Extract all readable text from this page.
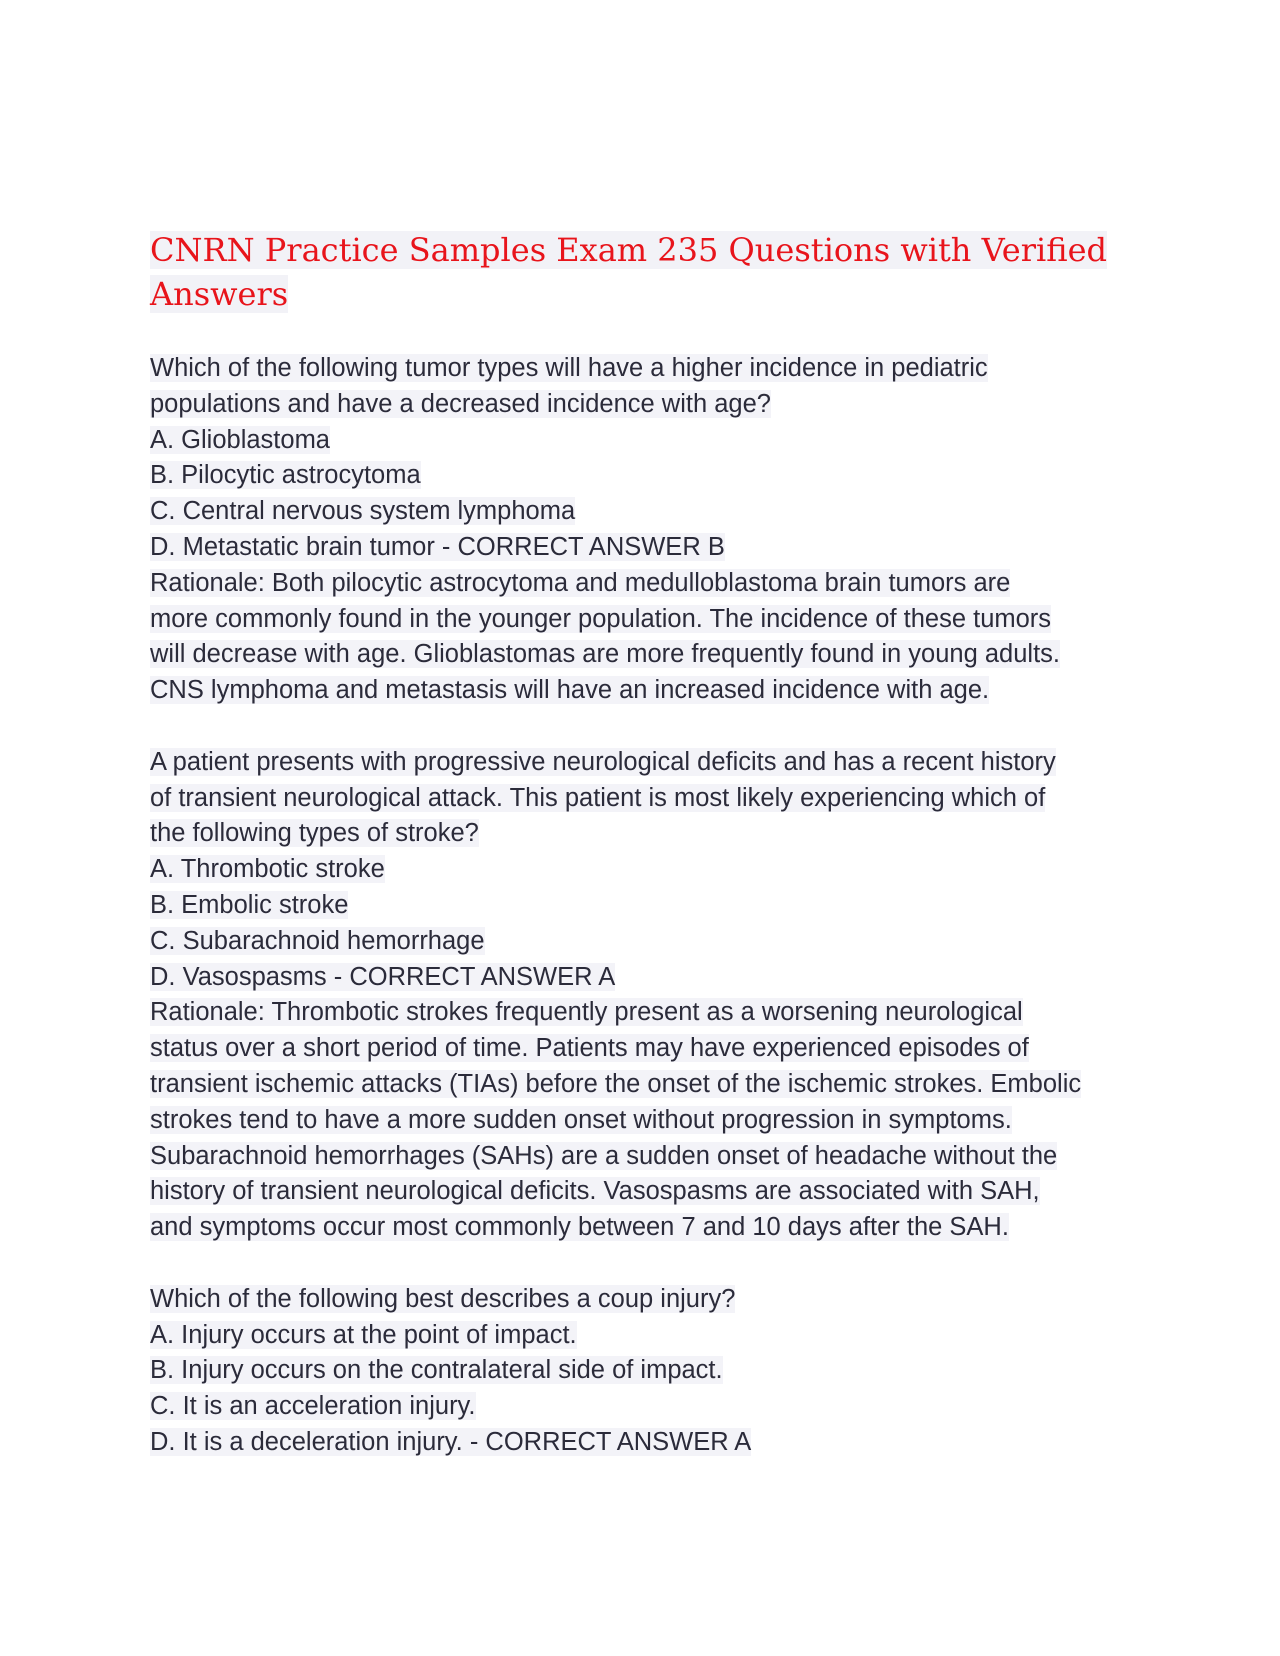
CNRN Practice Samples Exam 235 Questions with Verified
Answers
Which of the following tumor types will have a higher incidence in pediatric
populations and have a decreased incidence with age?
A. Glioblastoma
B. Pilocytic astrocytoma
C. Central nervous system lymphoma
D. Metastatic brain tumor - CORRECT ANSWER B
Rationale: Both pilocytic astrocytoma and medulloblastoma brain tumors are
more commonly found in the younger population. The incidence of these tumors
will decrease with age. Glioblastomas are more frequently found in young adults.
CNS lymphoma and metastasis will have an increased incidence with age.
A patient presents with progressive neurological deficits and has a recent history
of transient neurological attack. This patient is most likely experiencing which of
the following types of stroke?
A. Thrombotic stroke
B. Embolic stroke
C. Subarachnoid hemorrhage
D. Vasospasms - CORRECT ANSWER A
Rationale: Thrombotic strokes frequently present as a worsening neurological
status over a short period of time. Patients may have experienced episodes of
transient ischemic attacks (TIAs) before the onset of the ischemic strokes. Embolic
strokes tend to have a more sudden onset without progression in symptoms.
Subarachnoid hemorrhages (SAHs) are a sudden onset of headache without the
history of transient neurological deficits. Vasospasms are associated with SAH,
and symptoms occur most commonly between 7 and 10 days after the SAH.
Which of the following best describes a coup injury?
A. Injury occurs at the point of impact.
B. Injury occurs on the contralateral side of impact.
C. It is an acceleration injury.
D. It is a deceleration injury. - CORRECT ANSWER A
